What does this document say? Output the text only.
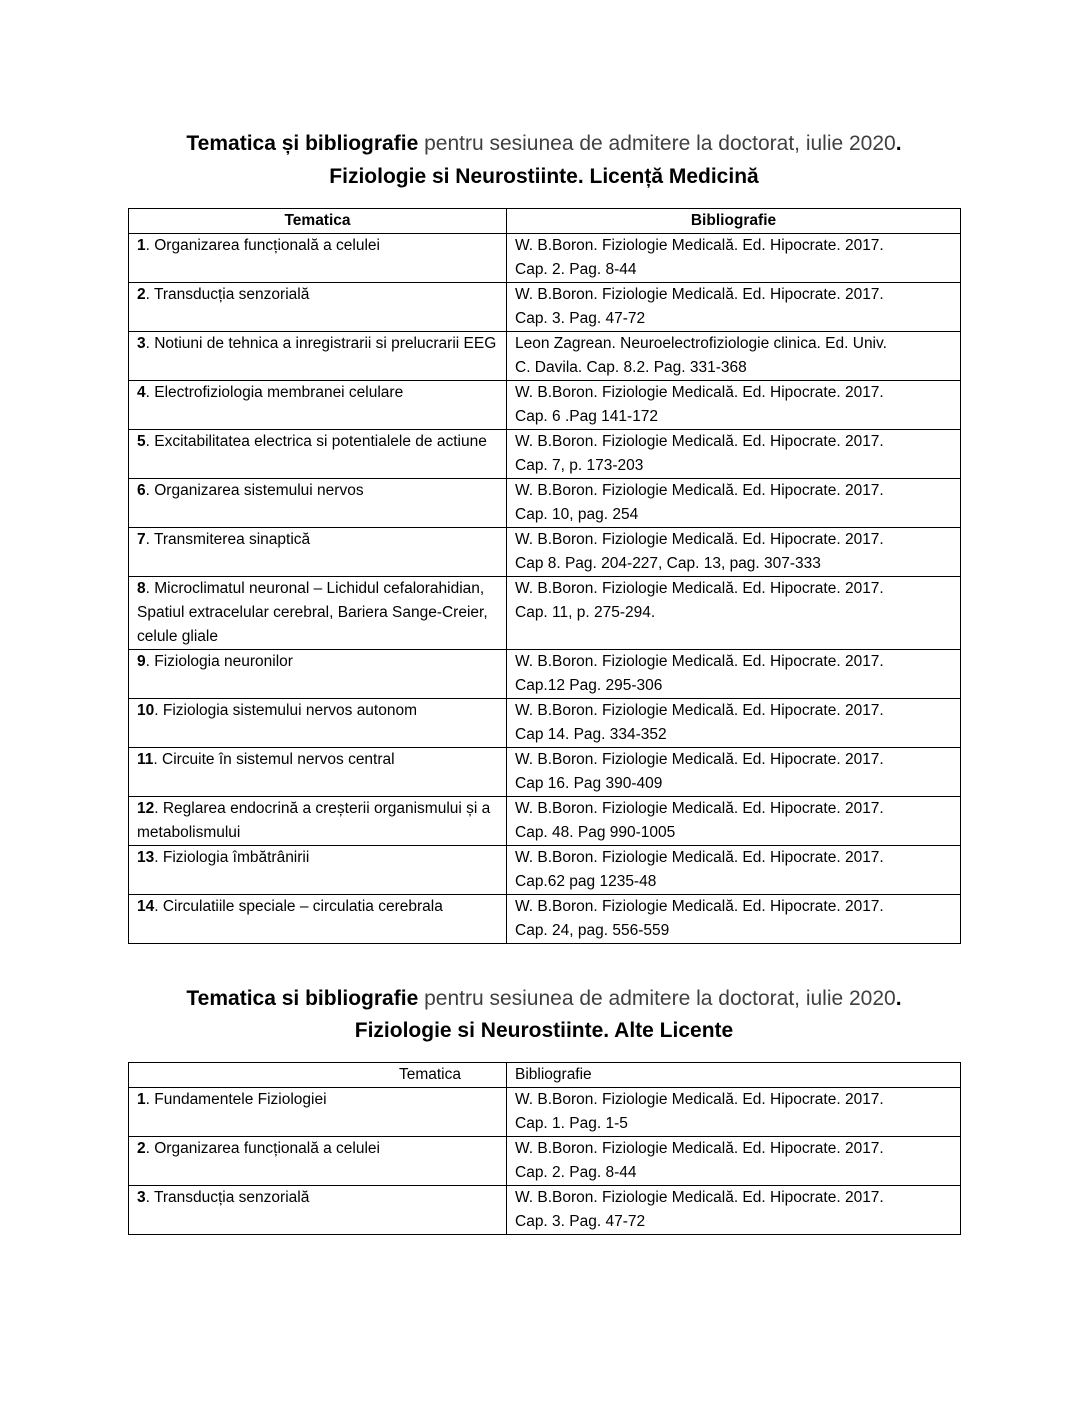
Tematica și bibliografie pentru sesiunea de admitere la doctorat, iulie 2020.
Fiziologie si Neurostiinte. Licență Medicină
Tematica	Bibliografie
1. Organizarea funcțională a celulei	W. B.Boron. Fiziologie Medicală. Ed. Hipocrate. 2017.
Cap. 2. Pag. 8-44

2. Transducția senzorială	W. B.Boron. Fiziologie Medicală. Ed. Hipocrate. 2017.
Cap. 3. Pag. 47-72

3. Notiuni de tehnica a inregistrarii si prelucrarii EEG	Leon Zagrean. Neuroelectrofiziologie clinica. Ed. Univ.
C. Davila. Cap. 8.2. Pag. 331-368

4. Electrofiziologia membranei celulare	W. B.Boron. Fiziologie Medicală. Ed. Hipocrate. 2017.
Cap. 6 .Pag 141-172

5. Excitabilitatea electrica si potentialele de actiune	W. B.Boron. Fiziologie Medicală. Ed. Hipocrate. 2017.
Cap. 7, p. 173-203

6. Organizarea sistemului nervos	W. B.Boron. Fiziologie Medicală. Ed. Hipocrate. 2017.
Cap. 10, pag. 254

7. Transmiterea sinaptică	W. B.Boron. Fiziologie Medicală. Ed. Hipocrate. 2017.
Cap 8. Pag. 204-227, Cap. 13, pag. 307-333

8. Microclimatul neuronal – Lichidul cefalorahidian, Spatiul extracelular cerebral, Bariera Sange-Creier, celule gliale	W. B.Boron. Fiziologie Medicală. Ed. Hipocrate. 2017.
Cap. 11, p. 275-294.

9. Fiziologia neuronilor	W. B.Boron. Fiziologie Medicală. Ed. Hipocrate. 2017.
Cap.12 Pag. 295-306

10. Fiziologia sistemului nervos autonom	W. B.Boron. Fiziologie Medicală. Ed. Hipocrate. 2017.
Cap 14. Pag. 334-352

11. Circuite în sistemul nervos central	W. B.Boron. Fiziologie Medicală. Ed. Hipocrate. 2017.
Cap 16. Pag 390-409

12. Reglarea endocrină a creșterii organismului și a metabolismului	W. B.Boron. Fiziologie Medicală. Ed. Hipocrate. 2017.
Cap. 48. Pag 990-1005

13. Fiziologia îmbătrânirii	W. B.Boron. Fiziologie Medicală. Ed. Hipocrate. 2017.
Cap.62 pag 1235-48

14. Circulatiile speciale – circulatia cerebrala	W. B.Boron. Fiziologie Medicală. Ed. Hipocrate. 2017.
Cap. 24, pag. 556-559
Tematica si bibliografie pentru sesiunea de admitere la doctorat, iulie 2020.
Fiziologie si Neurostiinte. Alte Licente
Tematica	Bibliografie
1. Fundamentele Fiziologiei	W. B.Boron. Fiziologie Medicală. Ed. Hipocrate. 2017.
Cap. 1. Pag. 1-5

2. Organizarea funcțională a celulei	W. B.Boron. Fiziologie Medicală. Ed. Hipocrate. 2017.
Cap. 2. Pag. 8-44

3. Transducția senzorială	W. B.Boron. Fiziologie Medicală. Ed. Hipocrate. 2017.
Cap. 3. Pag. 47-72
